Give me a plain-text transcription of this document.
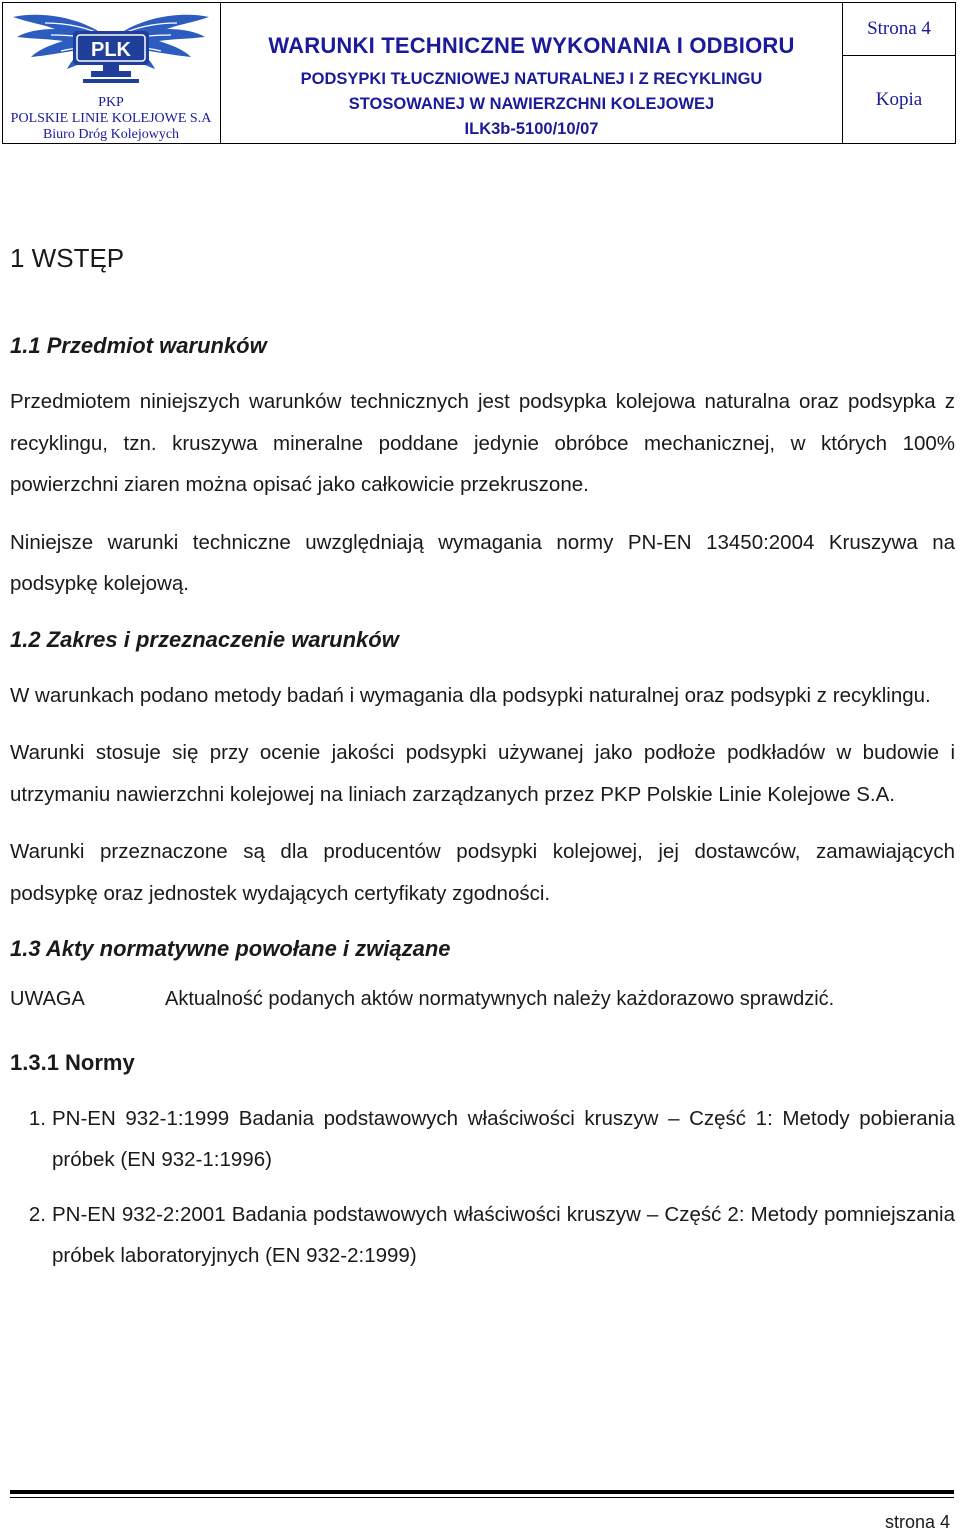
PLK
PKP
POLSKIE LINIE KOLEJOWE S.A
Biuro Dróg Kolejowych
WARUNKI TECHNICZNE WYKONANIA I ODBIORU
PODSYPKI TŁUCZNIOWEJ NATURALNEJ I Z RECYKLINGU
STOSOWANEJ W NAWIERZCHNI KOLEJOWEJ
ILK3b-5100/10/07
Strona 4
Kopia
1 WSTĘP
1.1 Przedmiot warunków

Przedmiotem niniejszych warunków technicznych jest podsypka kolejowa naturalna oraz podsypka z recyklingu, tzn. kruszywa mineralne poddane jedynie obróbce mechanicznej, w których 100% powierzchni ziaren można opisać jako całkowicie przekruszone.

Niniejsze warunki techniczne uwzględniają wymagania normy PN-EN 13450:2004 Kruszywa na podsypkę kolejową.

1.2 Zakres i przeznaczenie warunków

W warunkach podano metody badań i wymagania dla podsypki naturalnej oraz podsypki z recyklingu.

Warunki stosuje się przy ocenie jakości podsypki używanej jako podłoże podkładów w budowie i utrzymaniu nawierzchni kolejowej na liniach zarządzanych przez PKP Polskie Linie Kolejowe S.A.

Warunki przeznaczone są dla producentów podsypki kolejowej, jej dostawców, zamawiających podsypkę oraz jednostek wydających certyfikaty zgodności.

1.3 Akty normatywne powołane i związane
UWAGA	Aktualność podanych aktów normatywnych należy każdorazowo sprawdzić.
1.3.1 Normy
1. PN-EN 932-1:1999 Badania podstawowych właściwości kruszyw – Część 1: Metody pobierania próbek (EN 932-1:1996)
2. PN-EN 932-2:2001 Badania podstawowych właściwości kruszyw – Część 2: Metody pomniejszania próbek laboratoryjnych (EN 932-2:1999)
strona 4
